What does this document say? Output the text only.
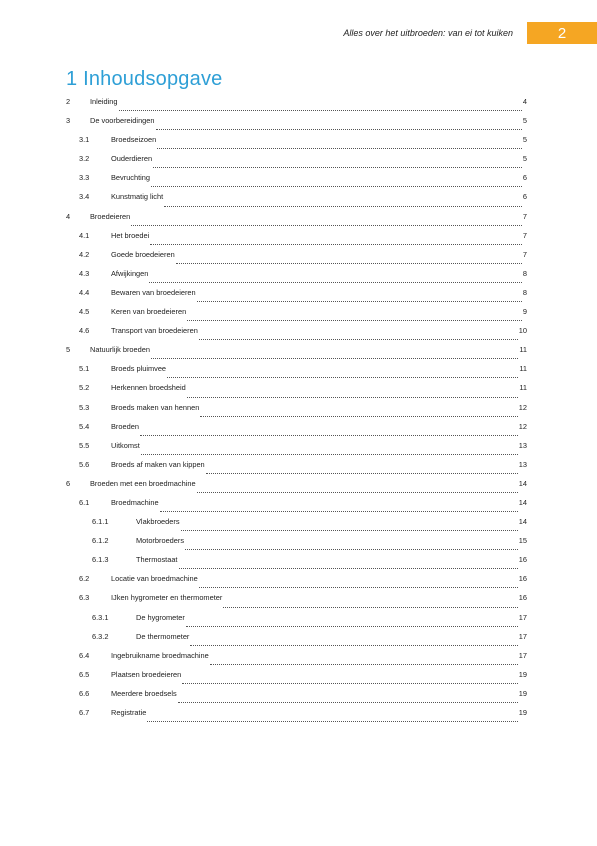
Alles over het uitbroeden: van ei tot kuiken	2
1 Inhoudsopgave
2	Inleiding	4
3	De voorbereidingen	5
3.1	Broedseizoen	5
3.2	Ouderdieren	5
3.3	Bevruchting	6
3.4	Kunstmatig licht	6
4	Broedeieren	7
4.1	Het broedei	7
4.2	Goede broedeieren	7
4.3	Afwijkingen	8
4.4	Bewaren van broedeieren	8
4.5	Keren van broedeieren	9
4.6	Transport van broedeieren	10
5	Natuurlijk broeden	11
5.1	Broeds pluimvee	11
5.2	Herkennen broedsheid	11
5.3	Broeds maken van hennen	12
5.4	Broeden	12
5.5	Uitkomst	13
5.6	Broeds af maken van kippen	13
6	Broeden met een broedmachine	14
6.1	Broedmachine	14
6.1.1	Vlakbroeders	14
6.1.2	Motorbroeders	15
6.1.3	Thermostaat	16
6.2	Locatie van broedmachine	16
6.3	IJken hygrometer en thermometer	16
6.3.1	De hygrometer	17
6.3.2	De thermometer	17
6.4	Ingebruikname broedmachine	17
6.5	Plaatsen broedeieren	19
6.6	Meerdere broedsels	19
6.7	Registratie	19
